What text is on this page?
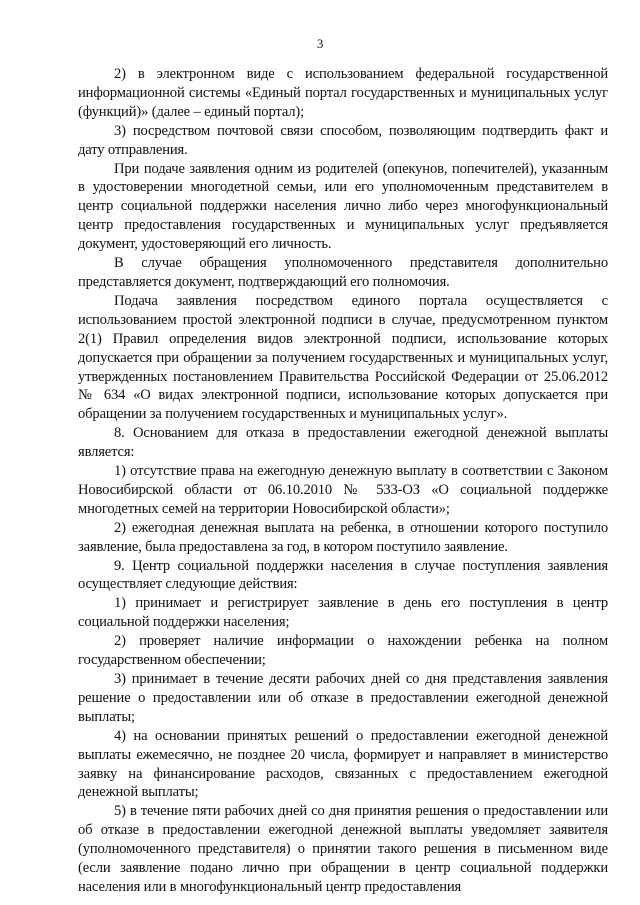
3

2) в электронном виде с использованием федеральной государственной информационной системы «Единый портал государственных и муниципальных услуг (функций)» (далее – единый портал);

3) посредством почтовой связи способом, позволяющим подтвердить факт и дату отправления.

При подаче заявления одним из родителей (опекунов, попечителей), указанным в удостоверении многодетной семьи, или его уполномоченным представителем в центр социальной поддержки населения лично либо через многофункциональный центр предоставления государственных и муниципальных услуг предъявляется документ, удостоверяющий его личность.

В случае обращения уполномоченного представителя дополнительно представляется документ, подтверждающий его полномочия.

Подача заявления посредством единого портала осуществляется с использованием простой электронной подписи в случае, предусмотренном пунктом 2(1) Правил определения видов электронной подписи, использование которых допускается при обращении за получением государственных и муниципальных услуг, утвержденных постановлением Правительства Российской Федерации от 25.06.2012 № 634 «О видах электронной подписи, использование которых допускается при обращении за получением государственных и муниципальных услуг».

8. Основанием для отказа в предоставлении ежегодной денежной выплаты является:

1) отсутствие права на ежегодную денежную выплату в соответствии с Законом Новосибирской области от 06.10.2010 № 533-ОЗ «О социальной поддержке многодетных семей на территории Новосибирской области»;

2) ежегодная денежная выплата на ребенка, в отношении которого поступило заявление, была предоставлена за год, в котором поступило заявление.

9. Центр социальной поддержки населения в случае поступления заявления осуществляет следующие действия:

1) принимает и регистрирует заявление в день его поступления в центр социальной поддержки населения;

2) проверяет наличие информации о нахождении ребенка на полном государственном обеспечении;

3) принимает в течение десяти рабочих дней со дня представления заявления решение о предоставлении или об отказе в предоставлении ежегодной денежной выплаты;

4) на основании принятых решений о предоставлении ежегодной денежной выплаты ежемесячно, не позднее 20 числа, формирует и направляет в министерство заявку на финансирование расходов, связанных с предоставлением ежегодной денежной выплаты;

5) в течение пяти рабочих дней со дня принятия решения о предоставлении или об отказе в предоставлении ежегодной денежной выплаты уведомляет заявителя (уполномоченного представителя) о принятии такого решения в письменном виде (если заявление подано лично при обращении в центр социальной поддержки населения или в многофункциональный центр предоставления
